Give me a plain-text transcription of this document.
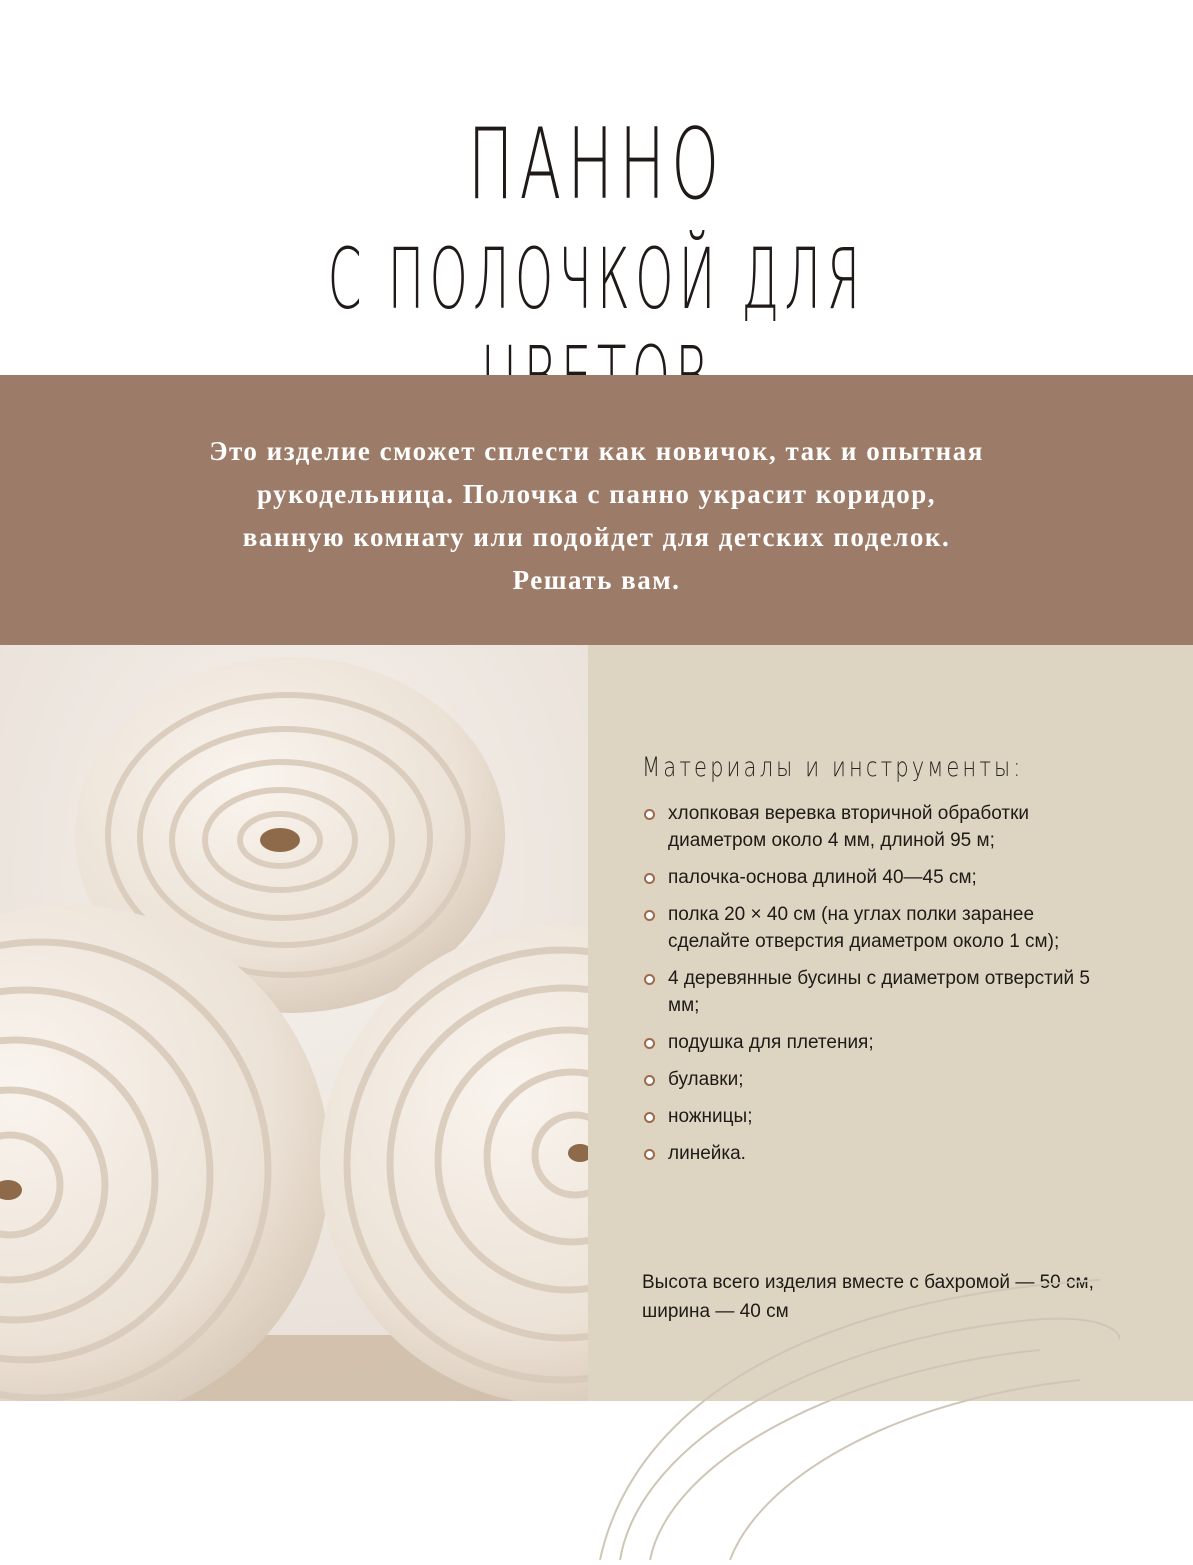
ПАННО
С ПОЛОЧКОЙ ДЛЯ
Это изделие сможет сплести как новичок, так и опытная
рукодельница. Полочка с панно украсит коридор,
ванную комнату или подойдет для детских поделок.
Решать вам.
Материалы и инструменты:
хлопковая веревка вторичной обработки диаметром около 4 мм, длиной 95 м;
палочка-основа длиной 40—45 см;
полка 20 × 40 см (на углах полки заранее сделайте отверстия диаметром около 1 см);
4 деревянные бусины с диаметром отверстий 5 мм;
подушка для плетения;
булавки;
ножницы;
линейка.
Высота всего изделия вместе с бахромой — 50 см, ширина — 40 см
